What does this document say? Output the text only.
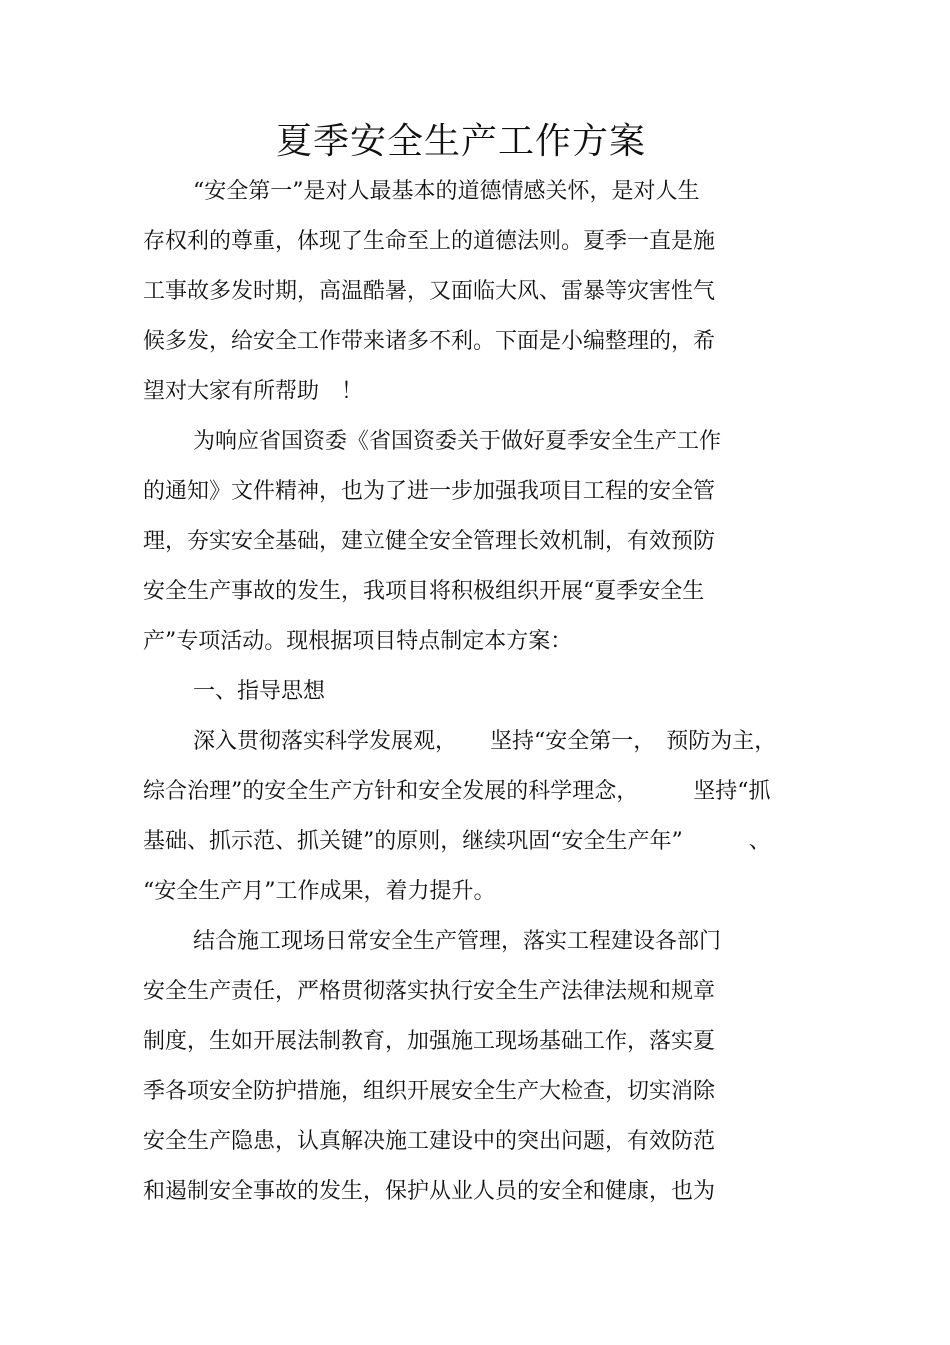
夏季安全生产工作方案
“安全第一”是对人最基本的道德情感关怀，是对人生
存权利的尊重，体现了生命至上的道德法则。夏季一直是施
工事故多发时期，高温酷暑，又面临大风、雷暴等灾害性气
候多发，给安全工作带来诸多不利。下面是小编整理的，希
望对大家有所帮助　！
为响应省国资委《省国资委关于做好夏季安全生产工作
的通知》文件精神，也为了进一步加强我项目工程的安全管
理，夯实安全基础，建立健全安全管理长效机制，有效预防
安全生产事故的发生，我项目将积极组织开展“夏季安全生
产”专项活动。现根据项目特点制定本方案：
一、指导思想
深入贯彻落实科学发展观，　　坚持“安全第一，　预防为主，
综合治理”的安全生产方针和安全发展的科学理念，　　　坚持“抓
基础、抓示范、抓关键”的原则，继续巩固“安全生产年”　　　、
“安全生产月”工作成果，着力提升。
结合施工现场日常安全生产管理，落实工程建设各部门
安全生产责任，严格贯彻落实执行安全生产法律法规和规章
制度，生如开展法制教育，加强施工现场基础工作，落实夏
季各项安全防护措施，组织开展安全生产大检查，切实消除
安全生产隐患，认真解决施工建设中的突出问题，有效防范
和遏制安全事故的发生，保护从业人员的安全和健康，也为
